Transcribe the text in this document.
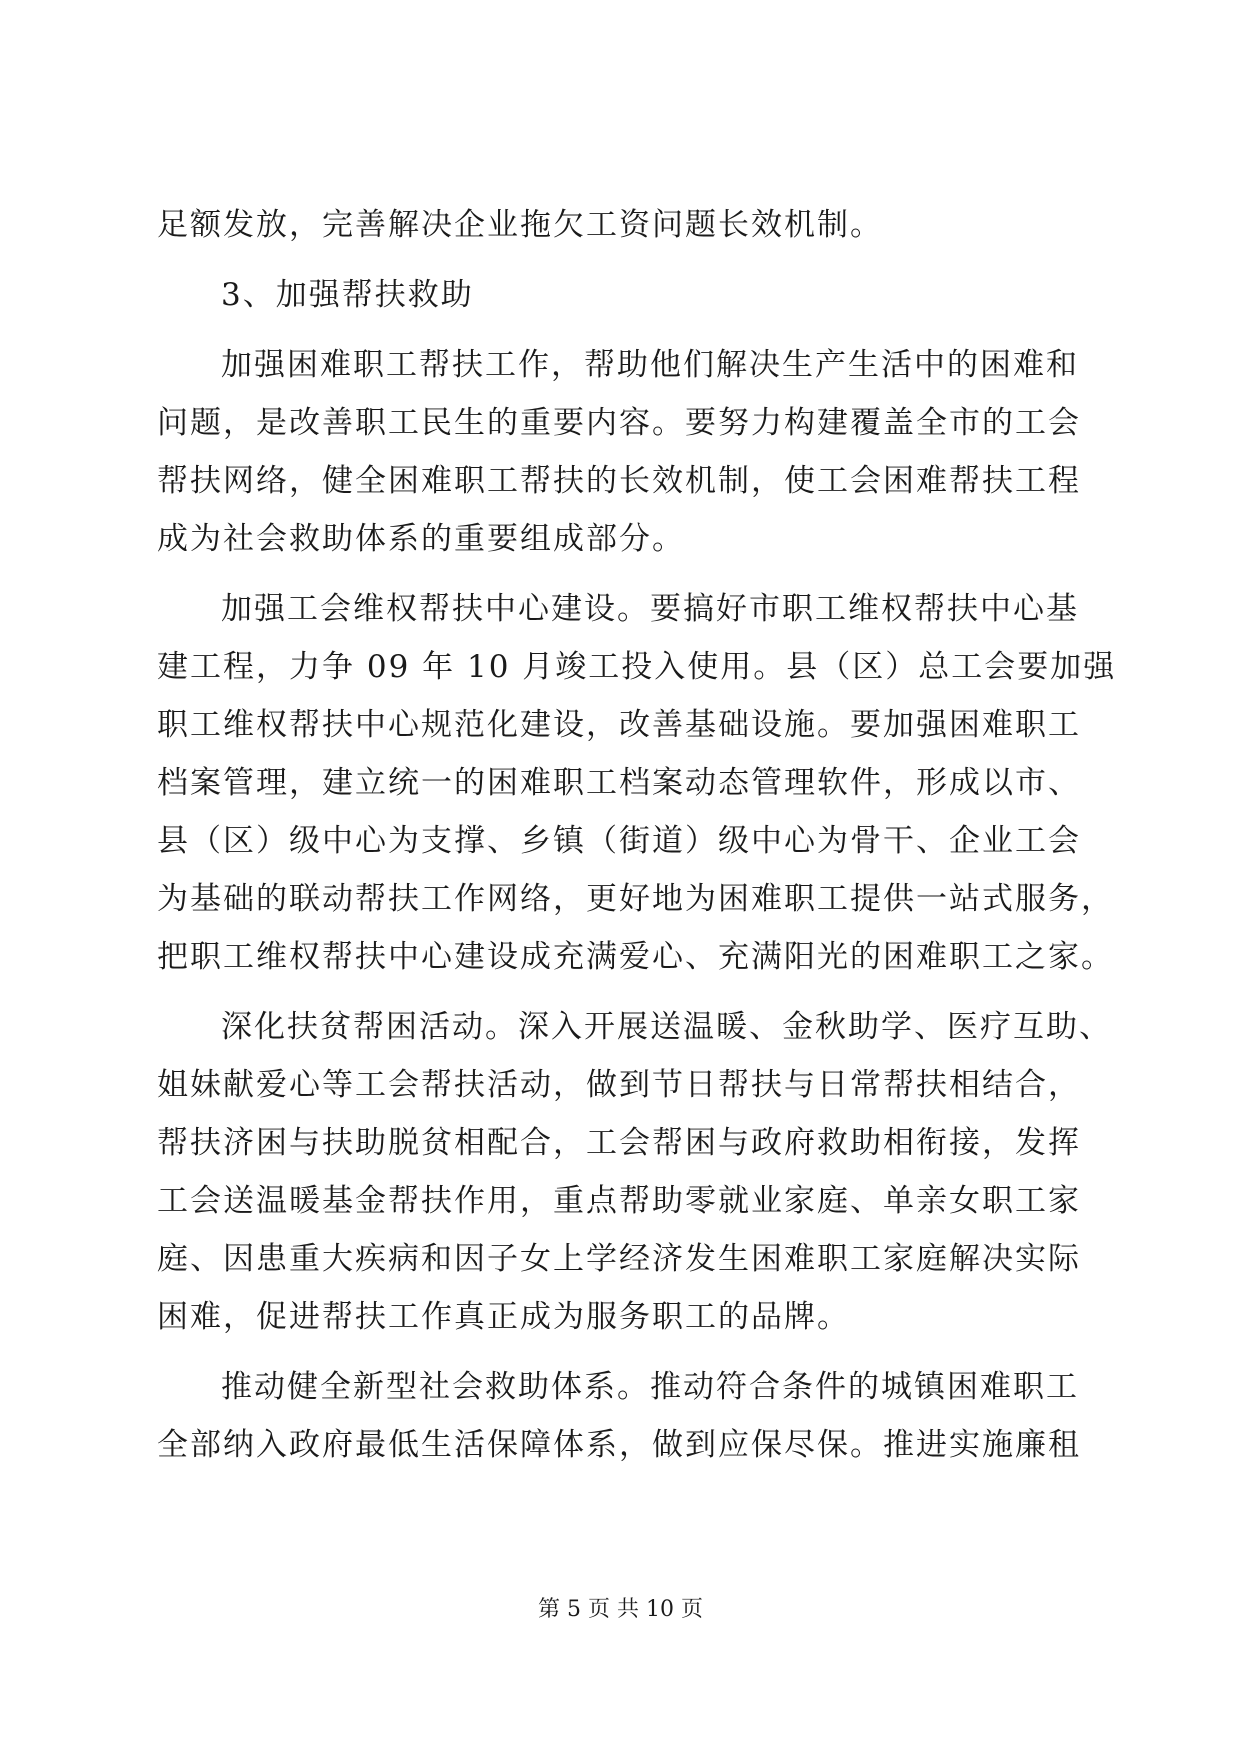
足额发放，完善解决企业拖欠工资问题长效机制。
3、加强帮扶救助
加强困难职工帮扶工作，帮助他们解决生产生活中的困难和
问题，是改善职工民生的重要内容。要努力构建覆盖全市的工会
帮扶网络，健全困难职工帮扶的长效机制，使工会困难帮扶工程
成为社会救助体系的重要组成部分。
加强工会维权帮扶中心建设。要搞好市职工维权帮扶中心基
建工程，力争 09 年 10 月竣工投入使用。县（区）总工会要加强
职工维权帮扶中心规范化建设，改善基础设施。要加强困难职工
档案管理，建立统一的困难职工档案动态管理软件，形成以市、
县（区）级中心为支撑、乡镇（街道）级中心为骨干、企业工会
为基础的联动帮扶工作网络，更好地为困难职工提供一站式服务，
把职工维权帮扶中心建设成充满爱心、充满阳光的困难职工之家。
深化扶贫帮困活动。深入开展送温暖、金秋助学、医疗互助、
姐妹献爱心等工会帮扶活动，做到节日帮扶与日常帮扶相结合，
帮扶济困与扶助脱贫相配合，工会帮困与政府救助相衔接，发挥
工会送温暖基金帮扶作用，重点帮助零就业家庭、单亲女职工家
庭、因患重大疾病和因子女上学经济发生困难职工家庭解决实际
困难，促进帮扶工作真正成为服务职工的品牌。
推动健全新型社会救助体系。推动符合条件的城镇困难职工
全部纳入政府最低生活保障体系，做到应保尽保。推进实施廉租
第 5 页 共 10 页
